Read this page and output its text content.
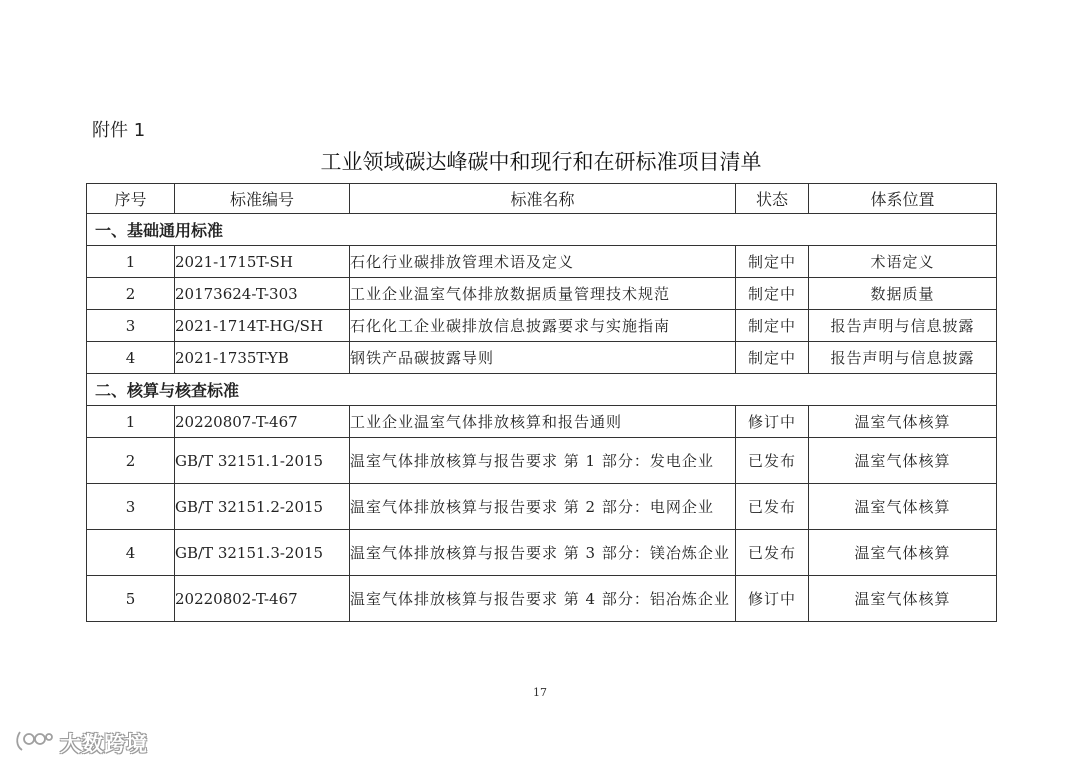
附件 1
工业领域碳达峰碳中和现行和在研标准项目清单
序号	标准编号	标准名称	状态	体系位置
一、基础通用标准				
1	2021-1715T-SH	石化行业碳排放管理术语及定义	制定中	术语定义
2	20173624-T-303	工业企业温室气体排放数据质量管理技术规范	制定中	数据质量
3	2021-1714T-HG/SH	石化化工企业碳排放信息披露要求与实施指南	制定中	报告声明与信息披露
4	2021-1735T-YB	钢铁产品碳披露导则	制定中	报告声明与信息披露
二、核算与核查标准				
1	20220807-T-467	工业企业温室气体排放核算和报告通则	修订中	温室气体核算
2	GB/T 32151.1-2015	温室气体排放核算与报告要求 第 1 部分：发电企业	已发布	温室气体核算
3	GB/T 32151.2-2015	温室气体排放核算与报告要求 第 2 部分：电网企业	已发布	温室气体核算
4	GB/T 32151.3-2015	温室气体排放核算与报告要求 第 3 部分：镁冶炼企业	已发布	温室气体核算
5	20220802-T-467	温室气体排放核算与报告要求 第 4 部分：铝冶炼企业	修订中	温室气体核算
17
大数跨境
